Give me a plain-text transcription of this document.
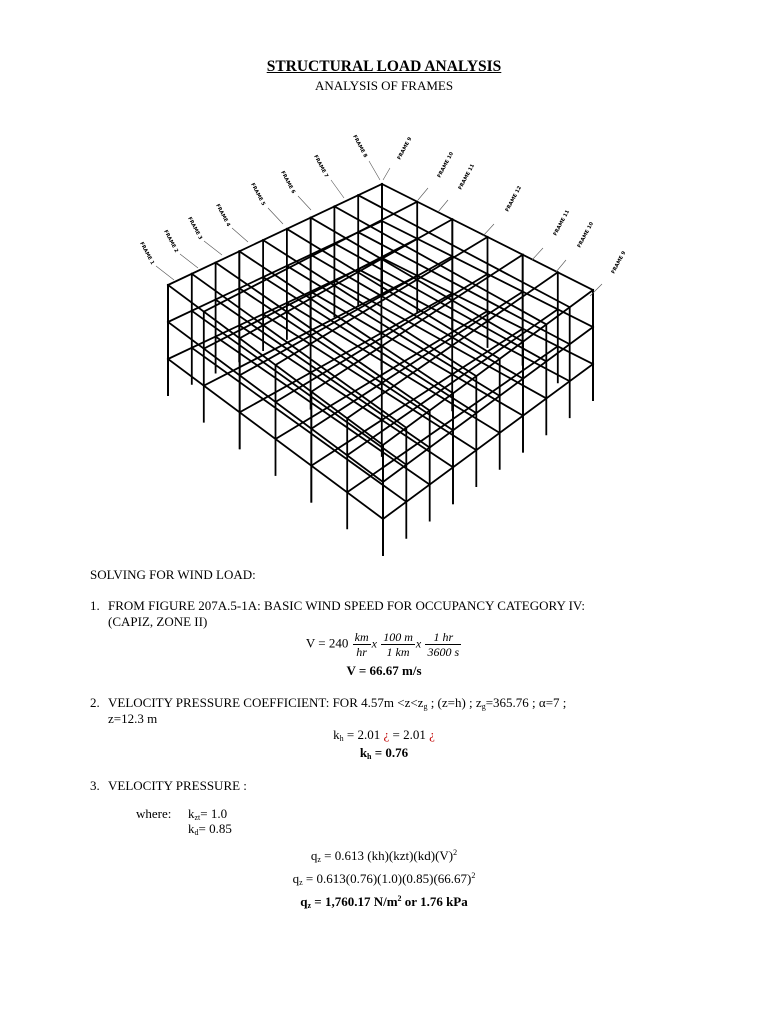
STRUCTURAL LOAD ANALYSIS
ANALYSIS OF FRAMES
FRAME 1 FRAME 2
FRAME 3
FRAME 4
FRAME 5	FRAME 6
FRAME 7
FRAME 8	FRAME 9
FRAME 10 FRAME 11
FRAME 12
FRAME 11 FRAME 10
FRAME 9
SOLVING FOR WIND LOAD:
1. FROM FIGURE 207A.5-1A: BASIC WIND SPEED FOR OCCUPANCY CATEGORY IV:
(CAPIZ, ZONE II)
$V = 240 \frac{km}{hr}$ x $\frac{100 m}{1 km}$ x $\frac{1 hr}{3600 s}$
V = 66.67 m/s
2. VELOCITY PRESSURE COEFFICIENT: FOR $4.57m <z<z_g$ ; (z=h) ; $z_g=365.76$ ; α=7 ;
z=12.3 m
$k_h = 2.01$ ¿ = 2.01 ¿
$k_h = 0.76$
3. VELOCITY PRESSURE :
where: $k_{zt}= 1.0$
$k_d= 0.85$
$q_z = 0.613$ $(kh)(kzt)(kd)(V)^2$
$q_z = 0.613(0.76)(1.0)(0.85)(66.67)^2$
$q_z = 1,760.17$ $N/m^2$ or 1.76 kPa
